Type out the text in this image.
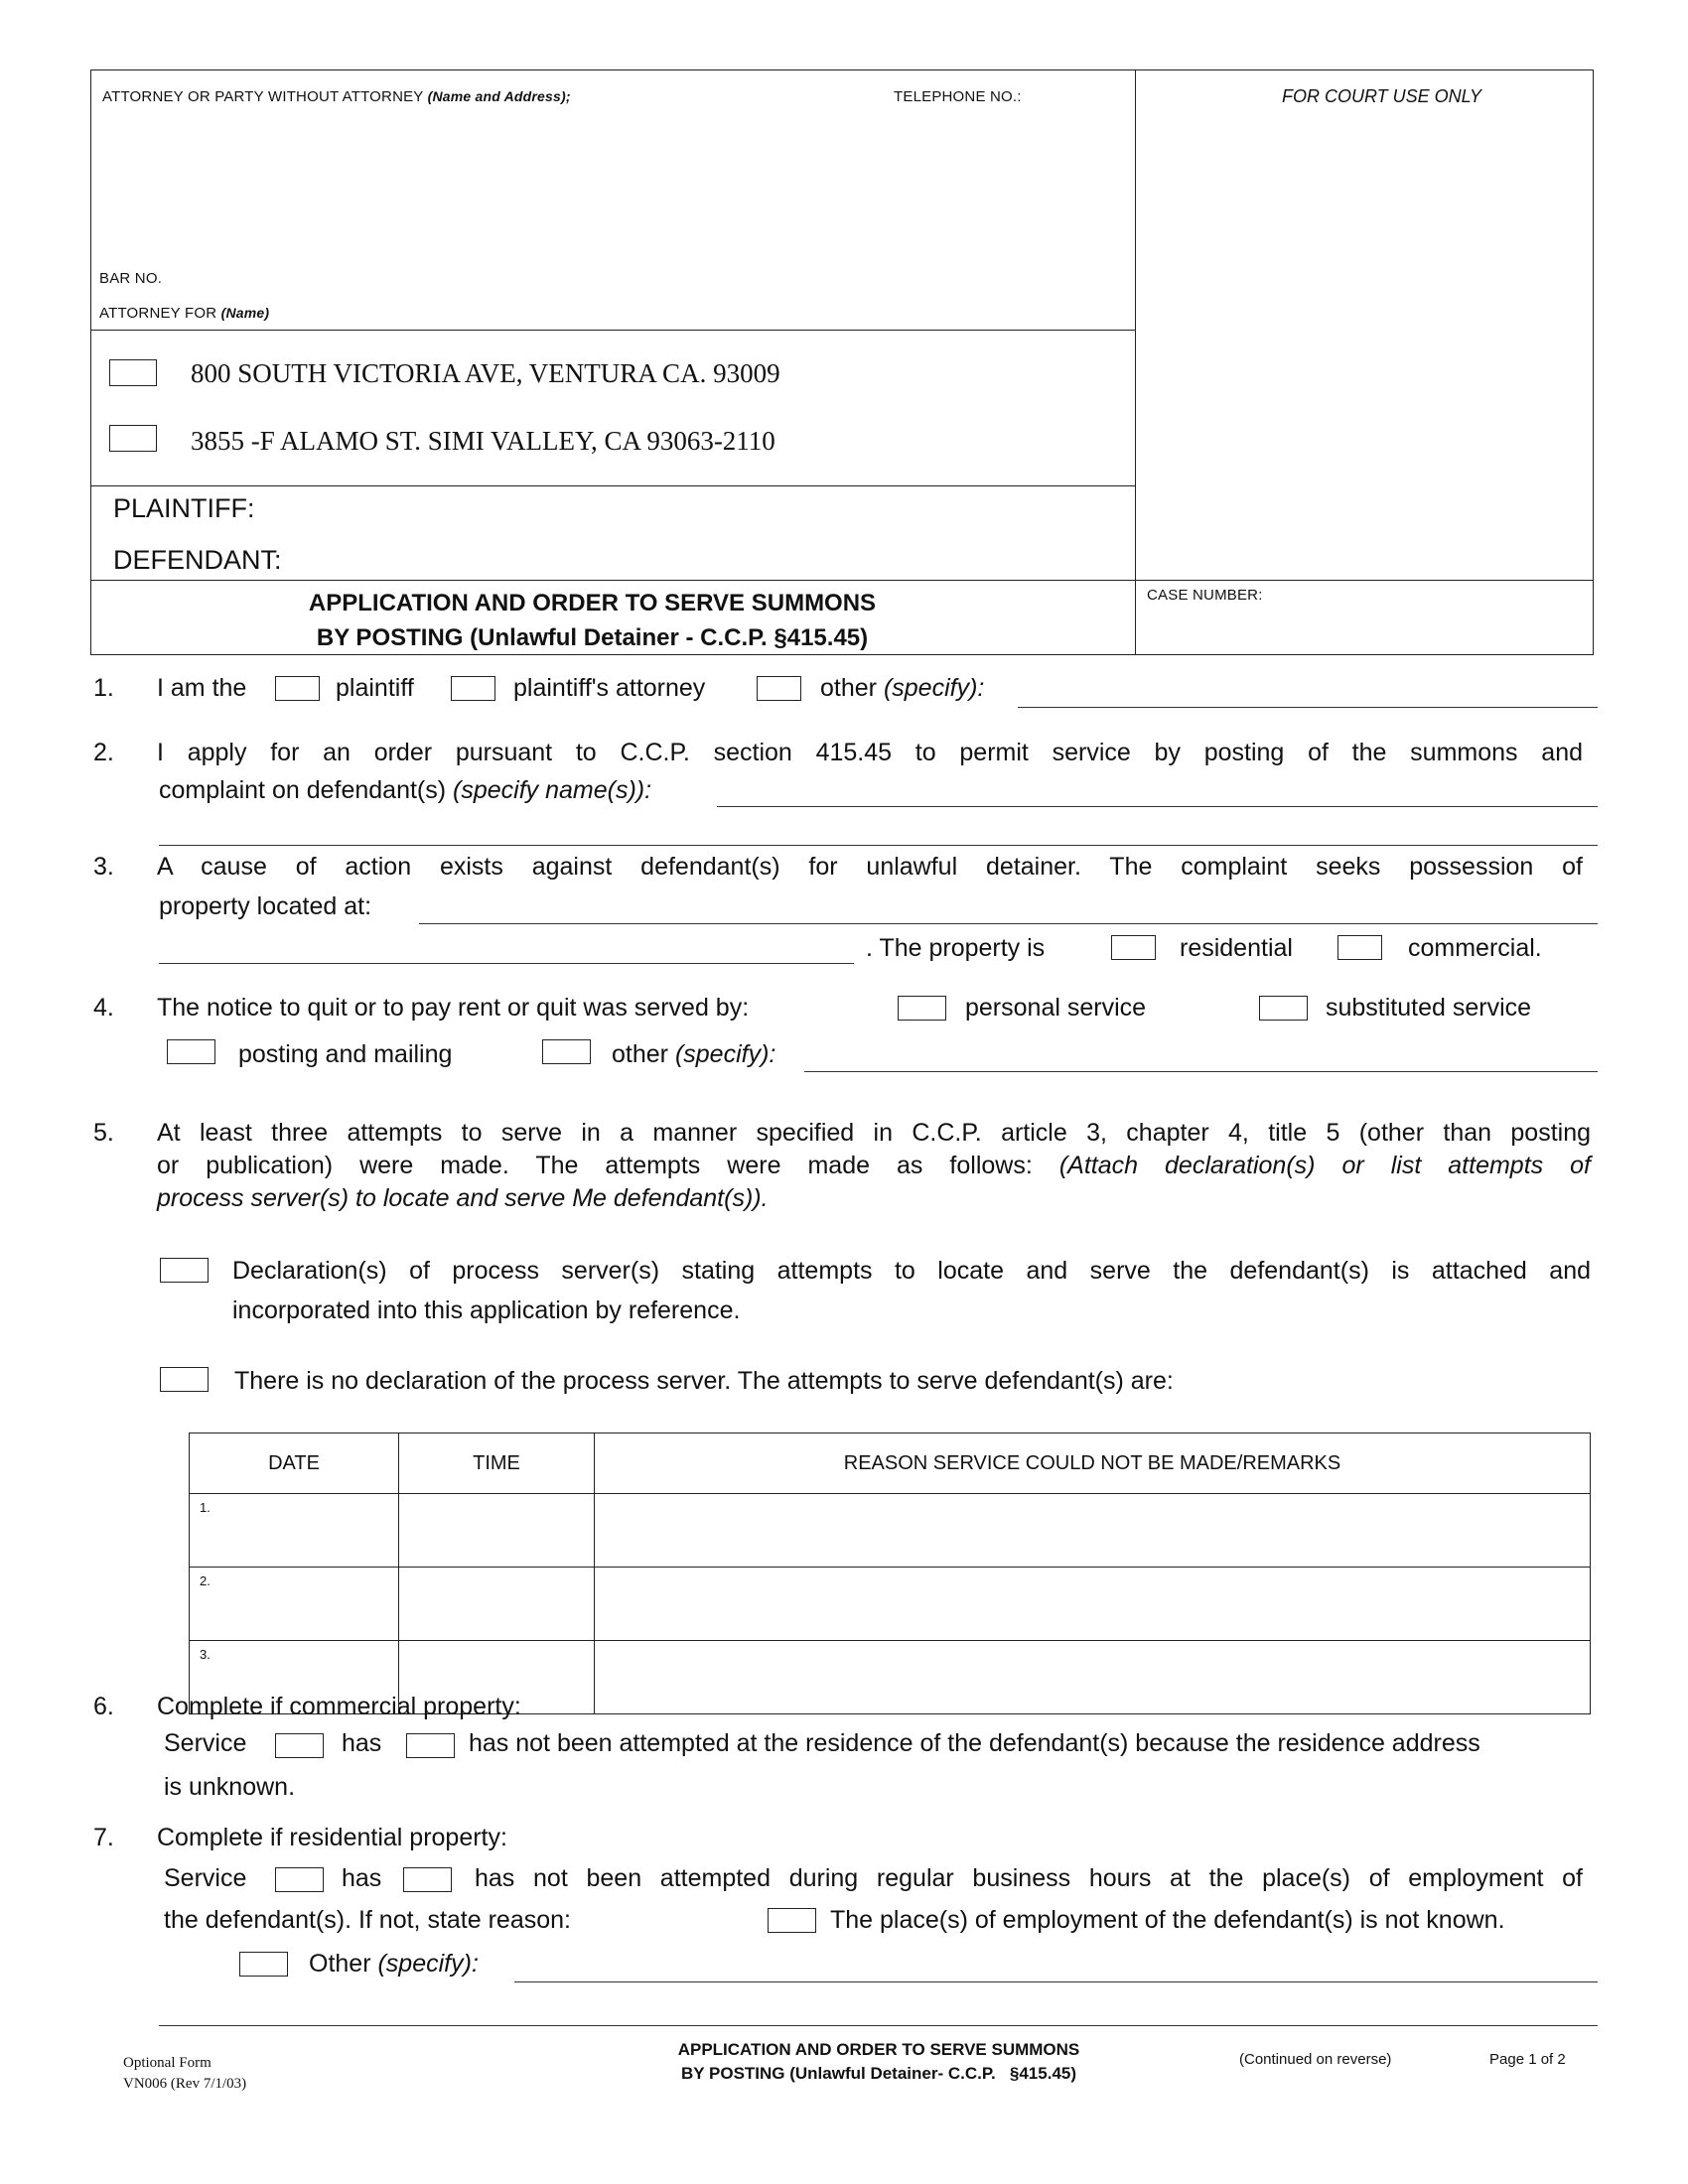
ATTORNEY OR PARTY WITHOUT ATTORNEY (Name and Address);	TELEPHONE NO.:	FOR COURT USE ONLY
BAR NO.
ATTORNEY FOR (Name)
800 SOUTH VICTORIA AVE, VENTURA CA. 93009
3855 -F ALAMO ST. SIMI VALLEY, CA 93063-2110
PLAINTIFF:
DEFENDANT:
APPLICATION AND ORDER TO SERVE SUMMONS
BY POSTING (Unlawful Detainer - C.C.P. §415.45)
CASE NUMBER:
1. I am the	plaintiff	plaintiff's attorney	other (specify):
2. I apply for an order pursuant to C.C.P. section 415.45 to permit service by posting of the summons and
complaint on defendant(s) (specify name(s)):
3. A cause of action exists against defendant(s) for unlawful detainer. The complaint seeks possession of
property located at:
. The property is	residential	commercial.
4. The notice to quit or to pay rent or quit was served by:	personal service	substituted service
posting and mailing	other (specify):
5. At least three attempts to serve in a manner specified in C.C.P. article 3, chapter 4, title 5 (other than posting
or publication) were made. The attempts were made as follows: (Attach declaration(s) or list attempts of
process server(s) to locate and serve Me defendant(s)).
Declaration(s) of process server(s) stating attempts to locate and serve the defendant(s) is attached and
incorporated into this application by reference.
There is no declaration of the process server. The attempts to serve defendant(s) are:
DATE	TIME	REASON SERVICE COULD NOT BE MADE/REMARKS
1.		
2.		
3.		
6. Complete if commercial property:
Service	has	has not been attempted at the residence of the defendant(s) because the residence address
is unknown.
7. Complete if residential property:
Service	has	has not been attempted during regular business hours at the place(s) of employment of
the defendant(s). If not, state reason:	The place(s) of employment of the defendant(s) is not known.
Other (specify):
Optional Form
VN006 (Rev 7/1/03)
APPLICATION AND ORDER TO SERVE SUMMONS
BY POSTING (Unlawful Detainer- C.C.P.   §415.45)
(Continued on reverse)	Page 1 of 2
